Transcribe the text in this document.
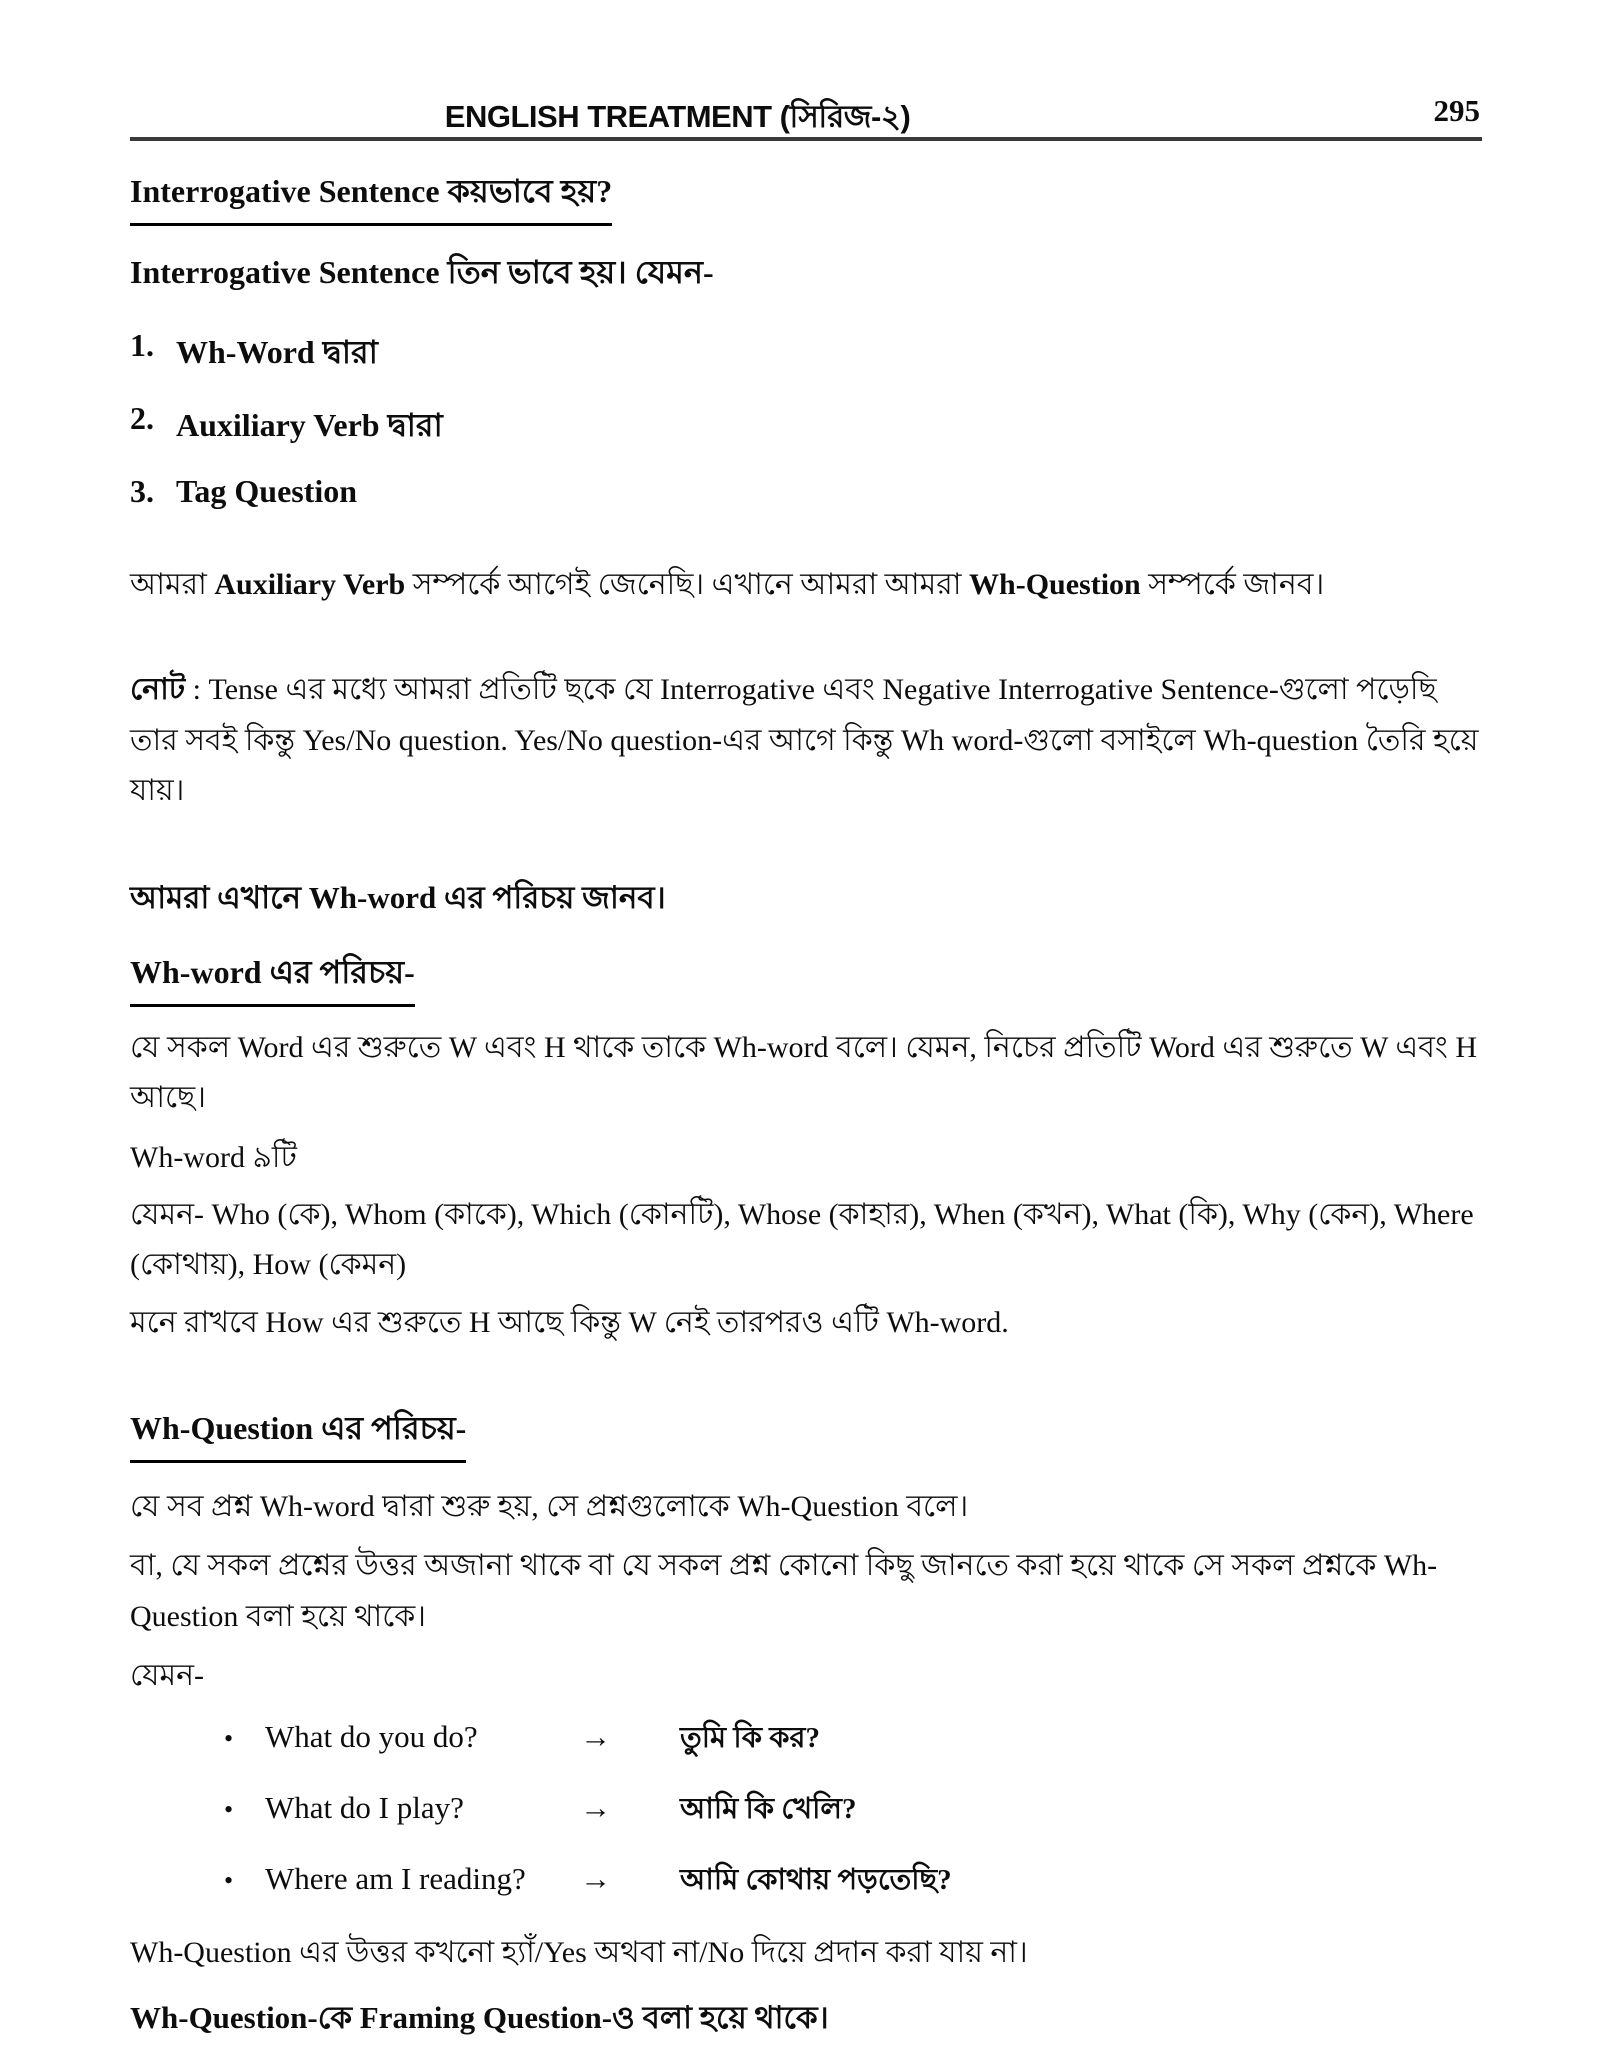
ENGLISH TREATMENT (সিরিজ-২)	295
Interrogative Sentence কয়ভাবে হয়?
Interrogative Sentence তিন ভাবে হয়। যেমন-
1. Wh-Word দ্বারা
2. Auxiliary Verb দ্বারা
3. Tag Question
আমরা Auxiliary Verb সম্পর্কে আগেই জেনেছি। এখানে আমরা আমরা Wh-Question সম্পর্কে জানব।
নোট : Tense এর মধ্যে আমরা প্রতিটি ছকে যে Interrogative এবং Negative Interrogative Sentence-গুলো পড়েছি তার সবই কিন্তু Yes/No question. Yes/No question-এর আগে কিন্তু Wh word-গুলো বসাইলে Wh-question তৈরি হয়ে যায়।
আমরা এখানে Wh-word এর পরিচয় জানব।
Wh-word এর পরিচয়-
যে সকল Word এর শুরুতে W এবং H থাকে তাকে Wh-word বলে। যেমন, নিচের প্রতিটি Word এর শুরুতে W এবং H আছে।
Wh-word ৯টি
যেমন- Who (কে), Whom (কাকে), Which (কোনটি), Whose (কাহার), When (কখন), What (কি), Why (কেন), Where (কোথায়), How (কেমন)
মনে রাখবে How এর শুরুতে H আছে কিন্তু W নেই তারপরও এটি Wh-word.
Wh-Question এর পরিচয়-
যে সব প্রশ্ন Wh-word দ্বারা শুরু হয়, সে প্রশ্নগুলোকে Wh-Question বলে।
বা, যে সকল প্রশ্নের উত্তর অজানা থাকে বা যে সকল প্রশ্ন কোনো কিছু জানতে করা হয়ে থাকে সে সকল প্রশ্নকে Wh-Question বলা হয়ে থাকে।
যেমন-
•	What do you do?	→	তুমি কি কর?
•	What do I play?	→	আমি কি খেলি?
•	Where am I reading?	→	আমি কোথায় পড়তেছি?
Wh-Question এর উত্তর কখনো হ্যাঁ/Yes অথবা না/No দিয়ে প্রদান করা যায় না।
Wh-Question-কে Framing Question-ও বলা হয়ে থাকে।
